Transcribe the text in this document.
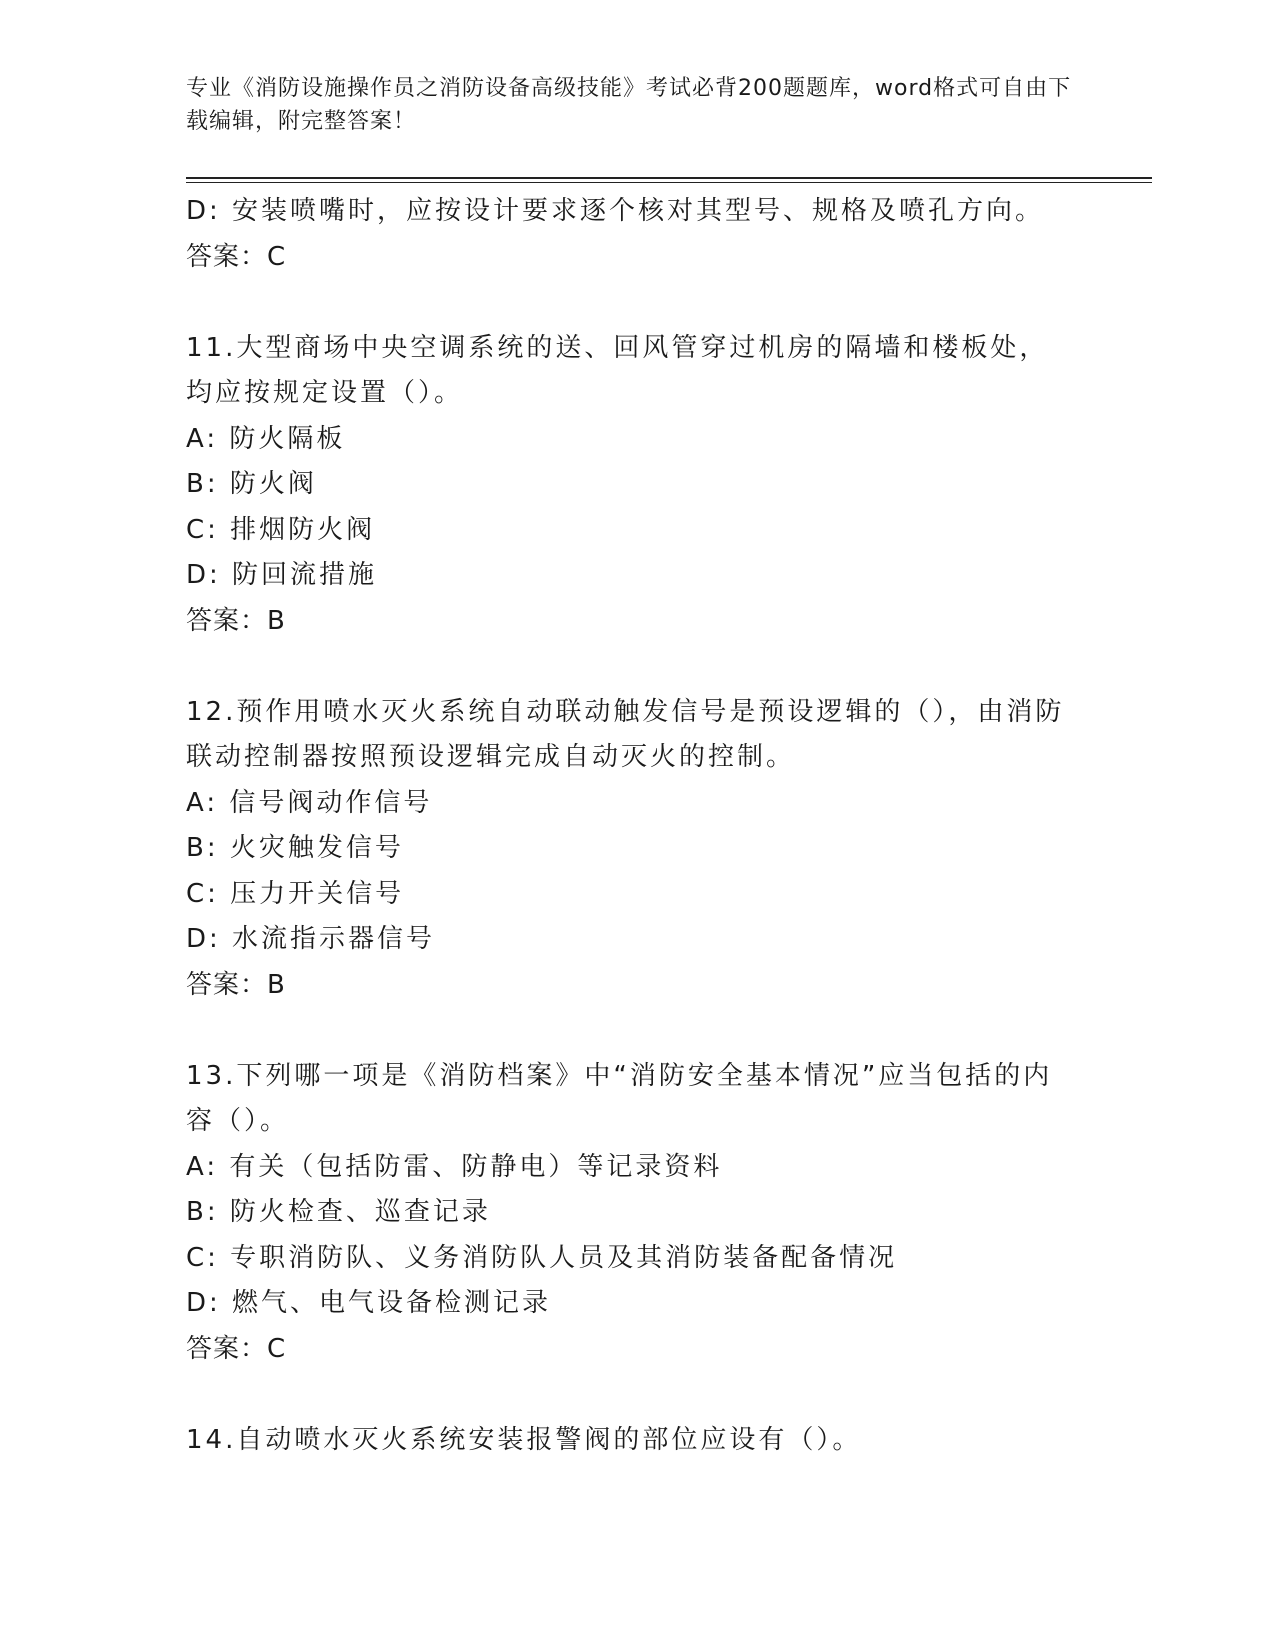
专业《消防设施操作员之消防设备高级技能》考试必背200题题库，word格式可自由下载编辑，附完整答案！
D: 安装喷嘴时，应按设计要求逐个核对其型号、规格及喷孔方向。
答案：C
11.大型商场中央空调系统的送、回风管穿过机房的隔墙和楼板处，均应按规定设置（）。
A: 防火隔板
B: 防火阀
C: 排烟防火阀
D: 防回流措施
答案：B
12.预作用喷水灭火系统自动联动触发信号是预设逻辑的（），由消防联动控制器按照预设逻辑完成自动灭火的控制。
A: 信号阀动作信号
B: 火灾触发信号
C: 压力开关信号
D: 水流指示器信号
答案：B
13.下列哪一项是《消防档案》中“消防安全基本情况”应当包括的内容（）。
A: 有关（包括防雷、防静电）等记录资料
B: 防火检查、巡查记录
C: 专职消防队、义务消防队人员及其消防装备配备情况
D: 燃气、电气设备检测记录
答案：C
14.自动喷水灭火系统安装报警阀的部位应设有（）。
